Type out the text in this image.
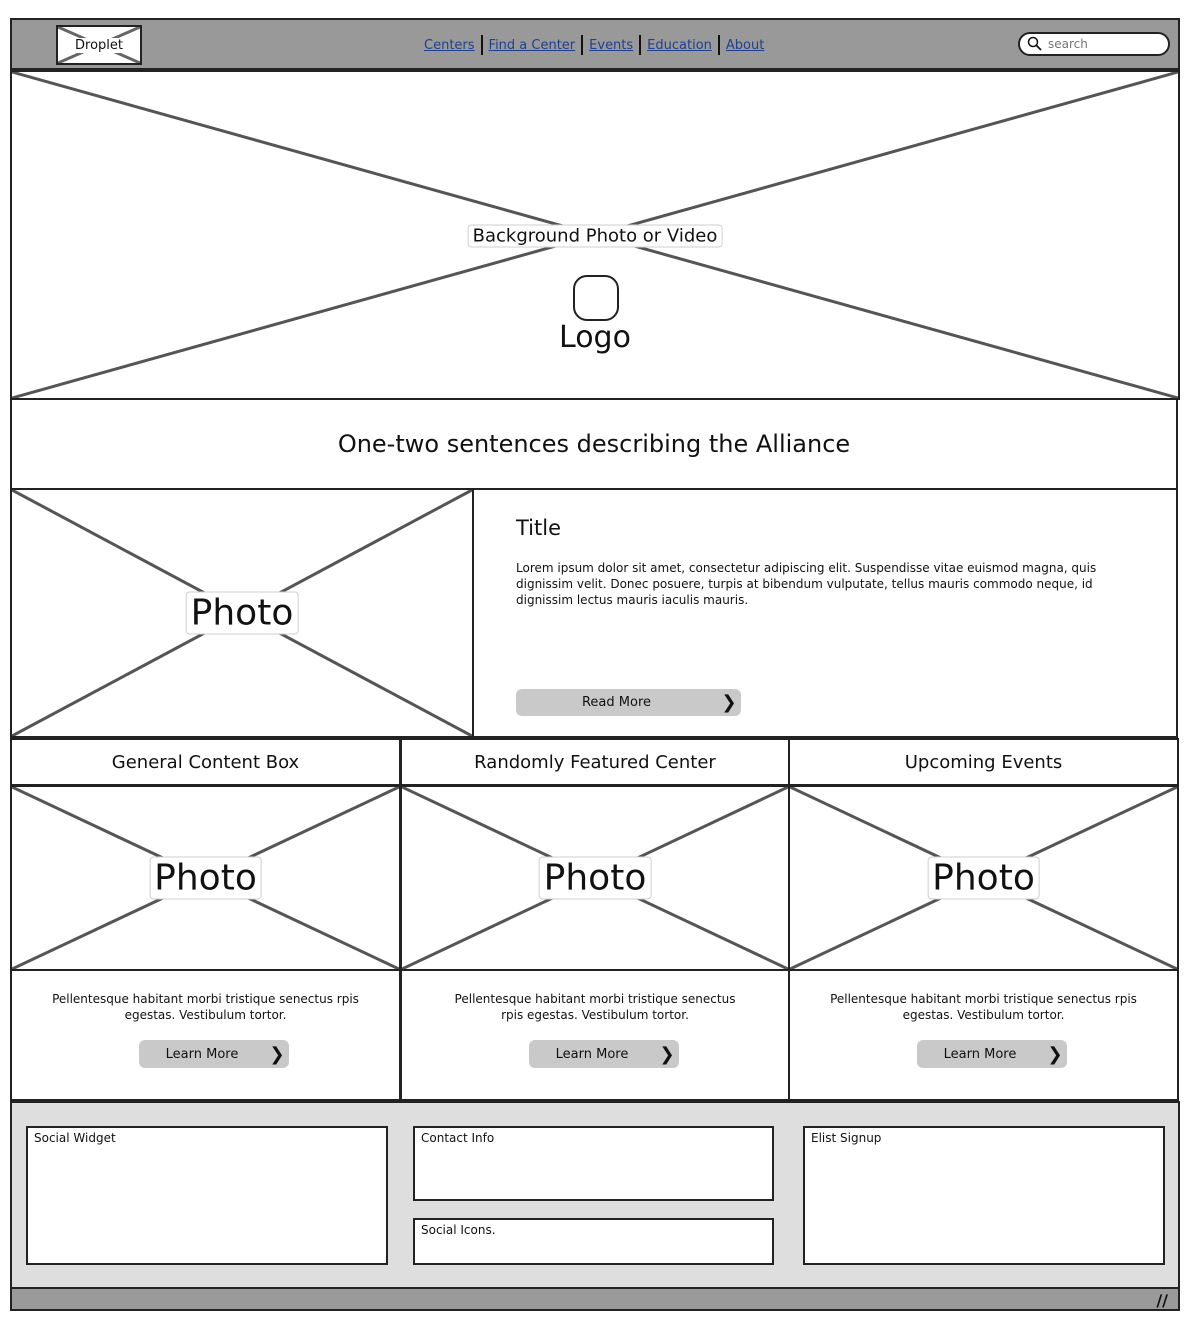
Droplet	Centers	Find a Center	Events	Education	About
search
Background Photo or Video
Logo
One-two sentences describing the Alliance
Photo
Title
Lorem ipsum dolor sit amet, consectetur adipiscing elit. Suspendisse vitae euismod magna, quis dignissim velit. Donec posuere, turpis at bibendum vulputate, tellus mauris commodo neque, id dignissim lectus mauris iaculis mauris.
Read More	❯
General Content Box
Photo
Pellentesque habitant morbi tristique senectus rpis egestas. Vestibulum tortor.
Learn More	❯
Randomly Featured Center
Photo
Pellentesque habitant morbi tristique senectus rpis egestas. Vestibulum tortor.
Learn More	❯
Upcoming Events
Photo
Pellentesque habitant morbi tristique senectus rpis egestas. Vestibulum tortor.
Learn More	❯
Social Widget	Contact Info
Social Icons.
Elist Signup
∕∕
